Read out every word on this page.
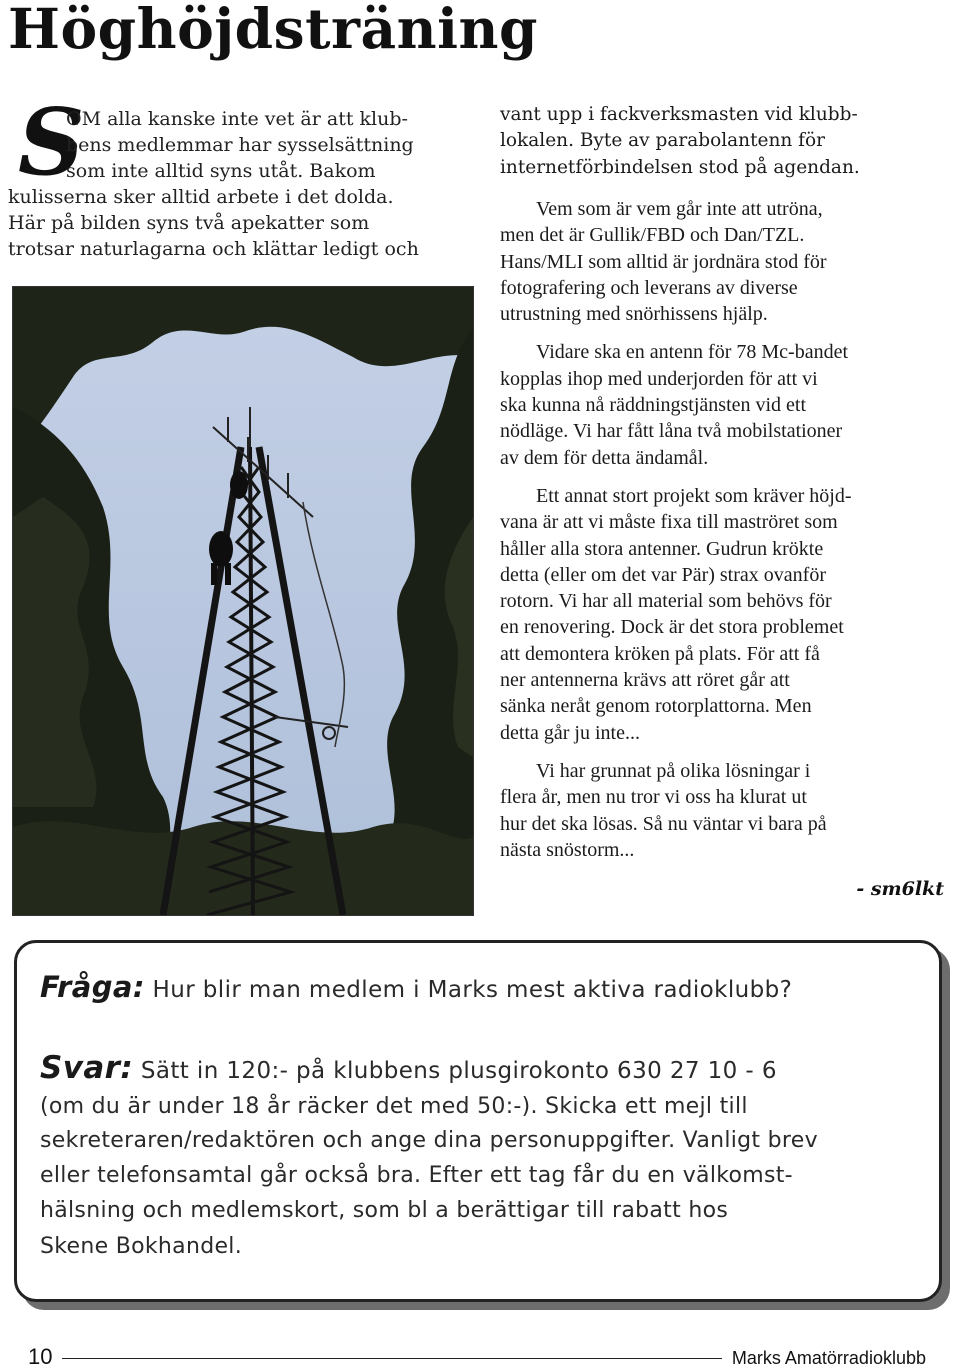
Höghöjdsträning
S
OM alla kanske inte vet är att klub-
bens medlemmar har sysselsättning
som inte alltid syns utåt. Bakom
kulisserna sker alltid arbete i det dolda.
Här på bilden syns två apekatter som
trotsar naturlagarna och klättar ledigt och

vant upp i fackverksmasten vid klubb-
lokalen. Byte av parabolantenn för
internetförbindelsen stod på agendan.

Vem som är vem går inte att utröna,
men det är Gullik/FBD och Dan/TZL.
Hans/MLI som alltid är jordnära stod för
fotografering och leverans av diverse
utrustning med snörhissens hjälp.

Vidare ska en antenn för 78 Mc-bandet
kopplas ihop med underjorden för att vi
ska kunna nå räddningstjänsten vid ett
nödläge. Vi har fått låna två mobilstationer
av dem för detta ändamål.

Ett annat stort projekt som kräver höjd-
vana är att vi måste fixa till maströret som
håller alla stora antenner. Gudrun krökte
detta (eller om det var Pär) strax ovanför
rotorn. Vi har all material som behövs för
en renovering. Dock är det stora problemet
att demontera kröken på plats. För att få
ner antennerna krävs att röret går att
sänka neråt genom rotorplattorna. Men
detta går ju inte...

Vi har grunnat på olika lösningar i
flera år, men nu tror vi oss ha klurat ut
hur det ska lösas. Så nu väntar vi bara på
nästa snöstorm...

- sm6lkt
Fråga: Hur blir man medlem i Marks mest aktiva radioklubb?
Svar: Sätt in 120:- på klubbens plusgirokonto 630 27 10 - 6
(om du är under 18 år räcker det med 50:-). Skicka ett mejl till
sekreteraren/redaktören och ange dina personuppgifter. Vanligt brev
eller telefonsamtal går också bra. Efter ett tag får du en välkomst-
hälsning och medlemskort, som bl a berättigar till rabatt hos
Skene Bokhandel.
10	Marks Amatörradioklubb
